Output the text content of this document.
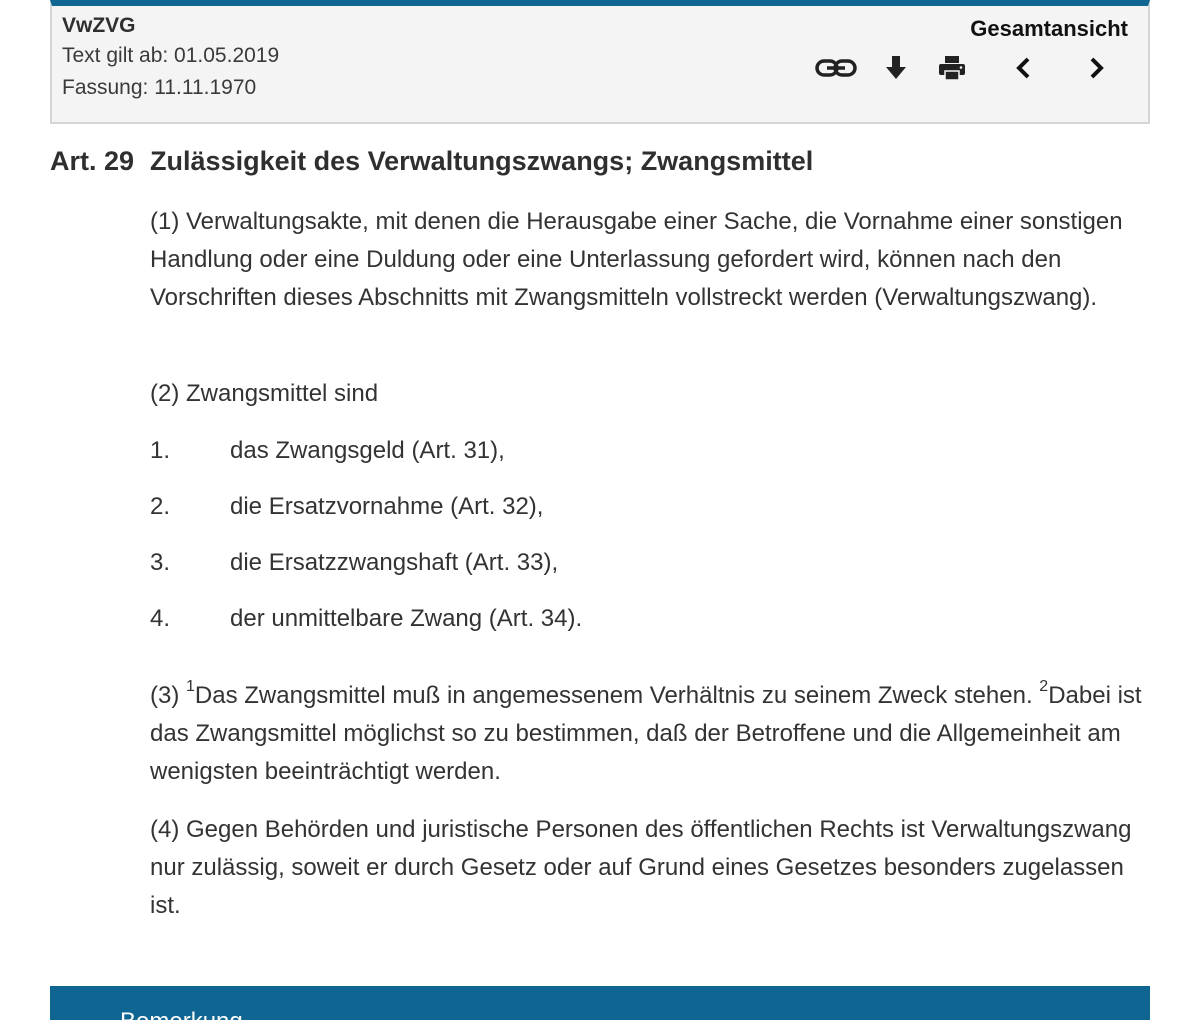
VwZVG
Text gilt ab: 01.05.2019
Fassung: 11.11.1970
Gesamtansicht
Art. 29 Zulässigkeit des Verwaltungszwangs; Zwangsmittel
(1) Verwaltungsakte, mit denen die Herausgabe einer Sache, die Vornahme einer sonstigen Handlung oder eine Duldung oder eine Unterlassung gefordert wird, können nach den Vorschriften dieses Abschnitts mit Zwangsmitteln vollstreckt werden (Verwaltungszwang).
(2) Zwangsmittel sind
1. das Zwangsgeld (Art. 31),
2. die Ersatzvornahme (Art. 32),
3. die Ersatzzwangshaft (Art. 33),
4. der unmittelbare Zwang (Art. 34).
(3) $^1$Das Zwangsmittel muß in angemessenem Verhältnis zu seinem Zweck stehen. $^2$Dabei ist das Zwangsmittel möglichst so zu bestimmen, daß der Betroffene und die Allgemeinheit am wenigsten beeinträchtigt werden.
(4) Gegen Behörden und juristische Personen des öffentlichen Rechts ist Verwaltungszwang nur zulässig, soweit er durch Gesetz oder auf Grund eines Gesetzes besonders zugelassen ist.
Bemerkung
